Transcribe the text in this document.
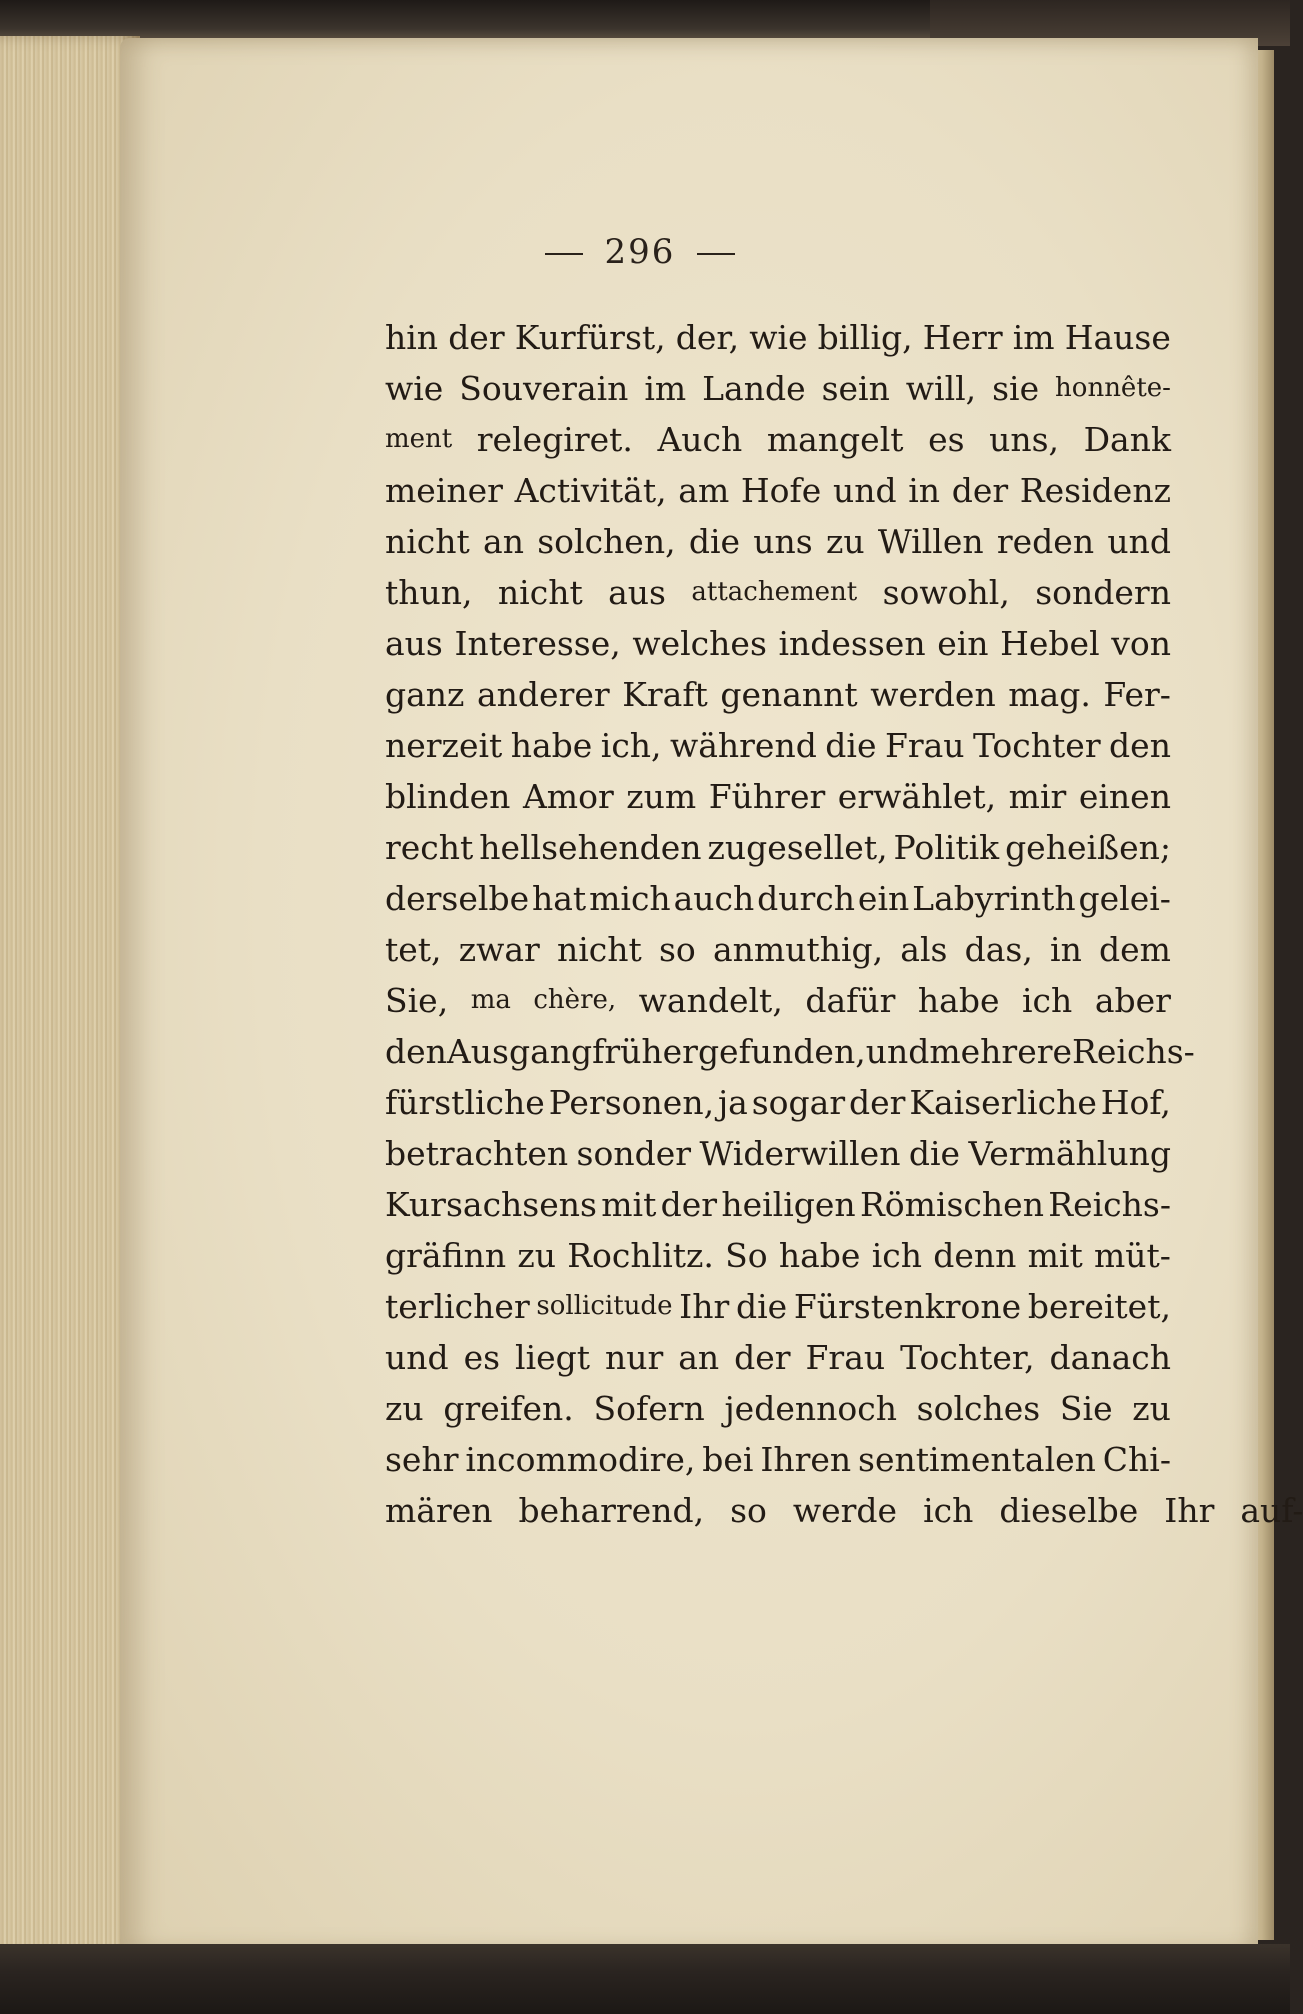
296
hin der Kurfürst, der, wie billig, Herr im Hause
wie Souverain im Lande sein will, sie honnête-
ment relegiret. Auch mangelt es uns, Dank
meiner Activität, am Hofe und in der Residenz
nicht an solchen, die uns zu Willen reden und
thun, nicht aus attachement sowohl, sondern
aus Interesse, welches indessen ein Hebel von
ganz anderer Kraft genannt werden mag. Fer-
nerzeit habe ich, während die Frau Tochter den
blinden Amor zum Führer erwählet, mir einen
recht hellsehenden zugesellet, Politik geheißen;
derselbe hat mich auch durch ein Labyrinth gelei-
tet, zwar nicht so anmuthig, als das, in dem
Sie, ma chère, wandelt, dafür habe ich aber
den Ausgang früher gefunden, und mehrere Reichs-
fürstliche Personen, ja sogar der Kaiserliche Hof,
betrachten sonder Widerwillen die Vermählung
Kursachsens mit der heiligen Römischen Reichs-
gräfinn zu Rochlitz. So habe ich denn mit müt-
terlicher sollicitude Ihr die Fürstenkrone bereitet,
und es liegt nur an der Frau Tochter, danach
zu greifen. Sofern jedennoch solches Sie zu
sehr incommodire, bei Ihren sentimentalen Chi-
mären beharrend, so werde ich dieselbe Ihr auf-
